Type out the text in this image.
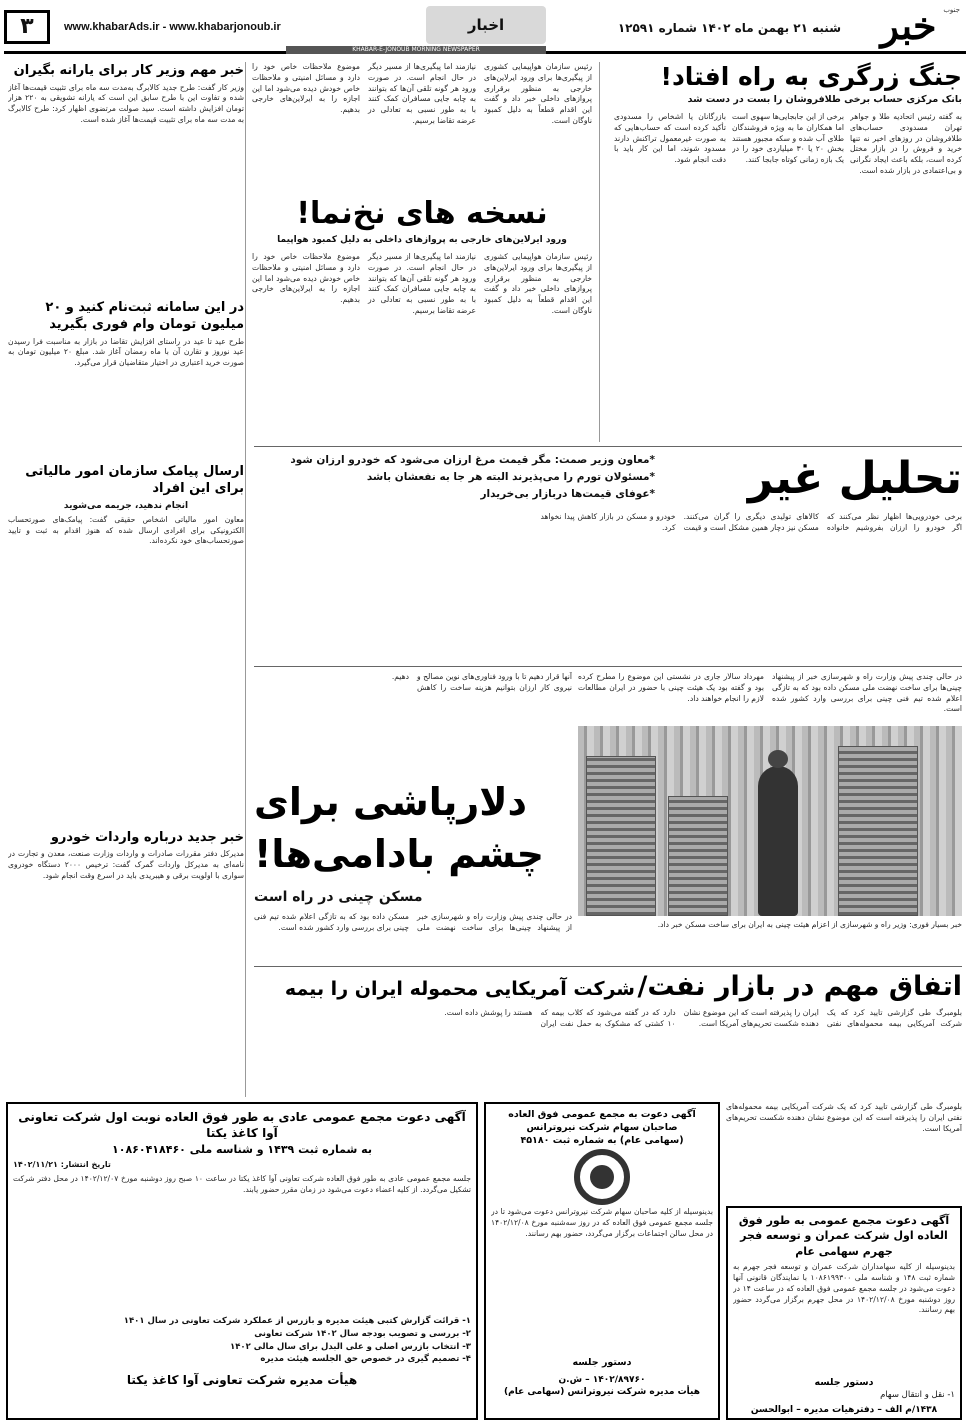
خبر جنوب
شنبه ۲۱ بهمن ماه ۱۴۰۲ شماره ۱۲۵۹۱
اخبار
www.khabarAds.ir - www.khabarjonoub.ir
۳
KHABAR-E-JONOUB MORNING NEWSPAPER
جنگ زرگری به راه افتاد!
بانک مرکزی حساب برخی طلافروشان را بست در دست شد

به گفته رئیس اتحادیه طلا و جواهر تهران مسدودی حساب‌های طلافروشان در روزهای اخیر نه تنها خرید و فروش را در بازار مختل کرده است، بلکه باعث ایجاد نگرانی و بی‌اعتمادی در بازار شده است.

برخی از این جابجایی‌ها سهوی است اما همکاران ما به ویژه فروشندگان طلای آب شده و سکه مجبور هستند بخش ۲۰ یا ۳۰ میلیاردی خود را در یک بازه زمانی کوتاه جابجا کنند.

بازرگانان یا اشخاص را مسدودی تأکید کرده است که حساب‌هایی که به صورت غیرمعمول تراکنش دارند مسدود شوند، اما این کار باید با دقت انجام شود.

رئیس سازمان هواپیمایی کشوری از پیگیری‌ها برای ورود ایرلاین‌های خارجی به منظور برقراری پروازهای داخلی خبر داد و گفت این اقدام قطعاً به دلیل کمبود ناوگان است.

نیازمند اما پیگیری‌ها از مسیر دیگر در حال انجام است. در صورت ورود هر گونه تلقی آن‌ها که بتوانند به چابه جایی مسافران کمک کنند با به طور نسبی به تعادلی در عرضه تقاضا برسیم.

موضوع ملاحظات خاص خود را دارد و مسائل امنیتی و ملاحظات خاص خودش دیده می‌شود اما این اجازه را به ایرلاین‌های خارجی بدهیم.

نسخه های نخ‌نما!
ورود ایرلاین‌های خارجی به پروازهای داخلی به دلیل کمبود هواپیما

رئیس سازمان هواپیمایی کشوری از پیگیری‌ها برای ورود ایرلاین‌های خارجی به منظور برقراری پروازهای داخلی خبر داد و گفت این اقدام قطعاً به دلیل کمبود ناوگان است.

نیازمند اما پیگیری‌ها از مسیر دیگر در حال انجام است. در صورت ورود هر گونه تلقی آن‌ها که بتوانند به چابه جایی مسافران کمک کنند با به طور نسبی به تعادلی در عرضه تقاضا برسیم.

موضوع ملاحظات خاص خود را دارد و مسائل امنیتی و ملاحظات خاص خودش دیده می‌شود اما این اجازه را به ایرلاین‌های خارجی بدهیم.

خبر مهم وزیر کار برای یارانه بگیران

وزیر کار گفت: طرح جدید کالابرگ به‌مدت سه ماه برای تثبیت قیمت‌ها آغاز شده و تفاوت این با طرح سابق این است که یارانه تشویقی به ۲۲۰ هزار تومان افزایش داشته است. سید صولت مرتضوی اظهار کرد: طرح کالابرگ به مدت سه ماه برای تثبیت قیمت‌ها آغاز شده است.

در این سامانه ثبت‌نام کنید و ۲۰ میلیون تومان وام فوری بگیرید

طرح عید تا عید در راستای افزایش تقاضا در بازار به مناسبت فرا رسیدن عید نوروز و تقارن آن با ماه رمضان آغاز شد. مبلغ ۲۰ میلیون تومان به صورت خرید اعتباری در اختیار متقاضیان قرار می‌گیرد.

ارسال پیامک سازمان امور مالیاتی برای این افراد
انجام ندهید، جریمه می‌شوید

معاون امور مالیاتی اشخاص حقیقی گفت: پیامک‌های صورتحساب الکترونیکی برای افرادی ارسال شده که هنوز اقدام به ثبت و تایید صورتحساب‌های خود نکرده‌اند.

خبر جدید درباره واردات خودرو

مدیرکل دفتر مقررات صادرات و واردات وزارت صنعت، معدن و تجارت در نامه‌ای به مدیرکل واردات گمرک گفت: ترخیص ۲۰۰۰ دستگاه خودروی سواری با اولویت برقی و هیبریدی باید در اسرع وقت انجام شود.

تحلیل غیر
*معاون وزیر صمت: مگر قیمت مرغ ارزان می‌شود که خودرو ارزان شود
*مسئولان تورم را می‌پذیرند البته هر جا به نفعشان باشد
*عوفای قیمت‌ها دربازار بی‌خریدار

برخی خودرویی‌ها اظهار نظر می‌کنند که اگر خودرو را ارزان بفروشیم خانواده کالاهای تولیدی دیگری را گران می‌کنند. مسکن نیز دچار همین مشکل است و قیمت خودرو و مسکن در بازار کاهش پیدا نخواهد کرد.

در حالی چندی پیش وزارت راه و شهرسازی خبر از پیشنهاد چینی‌ها برای ساخت نهضت ملی مسکن داده بود که به تازگی اعلام شده تیم فنی چینی برای بررسی وارد کشور شده است.

مهرداد سالار جاری در نشستی این موضوع را مطرح کرده بود و گفته بود یک هیئت چینی با حضور در ایران مطالعات لازم را انجام خواهند داد.

خبر بسیار فوری: وزیر راه و شهرسازی از اعزام هیئت چینی به ایران برای ساخت مسکن خبر داد.

آنها قرار دهیم تا با ورود فناوری‌های نوین مصالح و نیروی کار ارزان بتوانیم هزینه ساخت را کاهش دهیم.

دلارپاشی برای چشم بادامی‌ها!
مسکن چینی در راه است

در حالی چندی پیش وزارت راه و شهرسازی خبر از پیشنهاد چینی‌ها برای ساخت نهضت ملی مسکن داده بود که به تازگی اعلام شده تیم فنی چینی برای بررسی وارد کشور شده است.

اتفاق مهم در بازار نفت/ شرکت آمریکایی محموله ایران را بیمه

بلومبرگ طی گزارشی تایید کرد که یک شرکت آمریکایی بیمه محموله‌های نفتی ایران را پذیرفته است که این موضوع نشان دهنده شکست تحریم‌های آمریکا است.

دارد که در گفته می‌شود که کلاب بیمه که ۱۰ کشتی که مشکوک به حمل نفت ایران هستند را پوشش داده است.

آگهی دعوت مجمع عمومی عادی به طور فوق العاده نوبت اول شرکت تعاونی آوا کاغذ یکتا
به شماره ثبت ۱۴۳۹ و شناسه ملی ۱۰۸۶۰۴۱۸۴۶۰
تاریخ انتشار: ۱۴۰۲/۱۱/۲۱

جلسه مجمع عمومی عادی به طور فوق العاده شرکت تعاونی آوا کاغذ یکتا در ساعت ۱۰ صبح روز دوشنبه مورخ ۱۴۰۲/۱۲/۰۷ در محل دفتر شرکت تشکیل می‌گردد. از کلیه اعضاء دعوت می‌شود در زمان مقرر حضور یابند.

۱- قرائت گزارش کتبی هیئت مدیره و بازرس از عملکرد شرکت تعاونی در سال ۱۴۰۱
۲- بررسی و تصویب بودجه سال ۱۴۰۲ شرکت تعاونی
۳- انتخاب بازرس اصلی و علی البدل برای سال مالی ۱۴۰۲
۴- تصمیم گیری در خصوص حق الجلسه هیئت مدیره
هیأت مدیره شرکت تعاونی آوا کاغذ یکتا
آگهی دعوت به مجمع عمومی فوق العاده صاحبان سهام شرکت نیروترانس
(سهامی عام) به شماره ثبت ۴۵۱۸۰

بدینوسیله از کلیه صاحبان سهام شرکت نیروترانس دعوت می‌شود تا در جلسه مجمع عمومی فوق العاده که در روز سه‌شنبه مورخ ۱۴۰۲/۱۲/۰۸ در محل سالن اجتماعات برگزار می‌گردد، حضور بهم رسانند.

دستور جلسه
۱۴۰۲/۸۹۷۶۰ – ش.ن
هیأت مدیره شرکت نیروترانس (سهامی عام)
آگهی دعوت مجمع عمومی به طور فوق العاده اول شرکت عمران و توسعه فجر جهرم سهامی عام

بدینوسیله از کلیه سهامداران شرکت عمران و توسعه فجر جهرم به شماره ثبت ۱۴۸ و شناسه ملی ۱۰۸۶۱۹۹۳۰۰ با نمایندگان قانونی آنها دعوت می‌شود در جلسه مجمع عمومی فوق العاده که در ساعت ۱۴ در روز دوشنبه مورخ ۱۴۰۲/۱۲/۰۸ در محل جهرم برگزار می‌گردد حضور بهم رسانند.

دستور جلسه
۱- نقل و انتقال سهام
۱۴۳۸/م الف – دفترهیات مدیره – ابوالحسن

بلومبرگ طی گزارشی تایید کرد که یک شرکت آمریکایی بیمه محموله‌های نفتی ایران را پذیرفته است که این موضوع نشان دهنده شکست تحریم‌های آمریکا است.
